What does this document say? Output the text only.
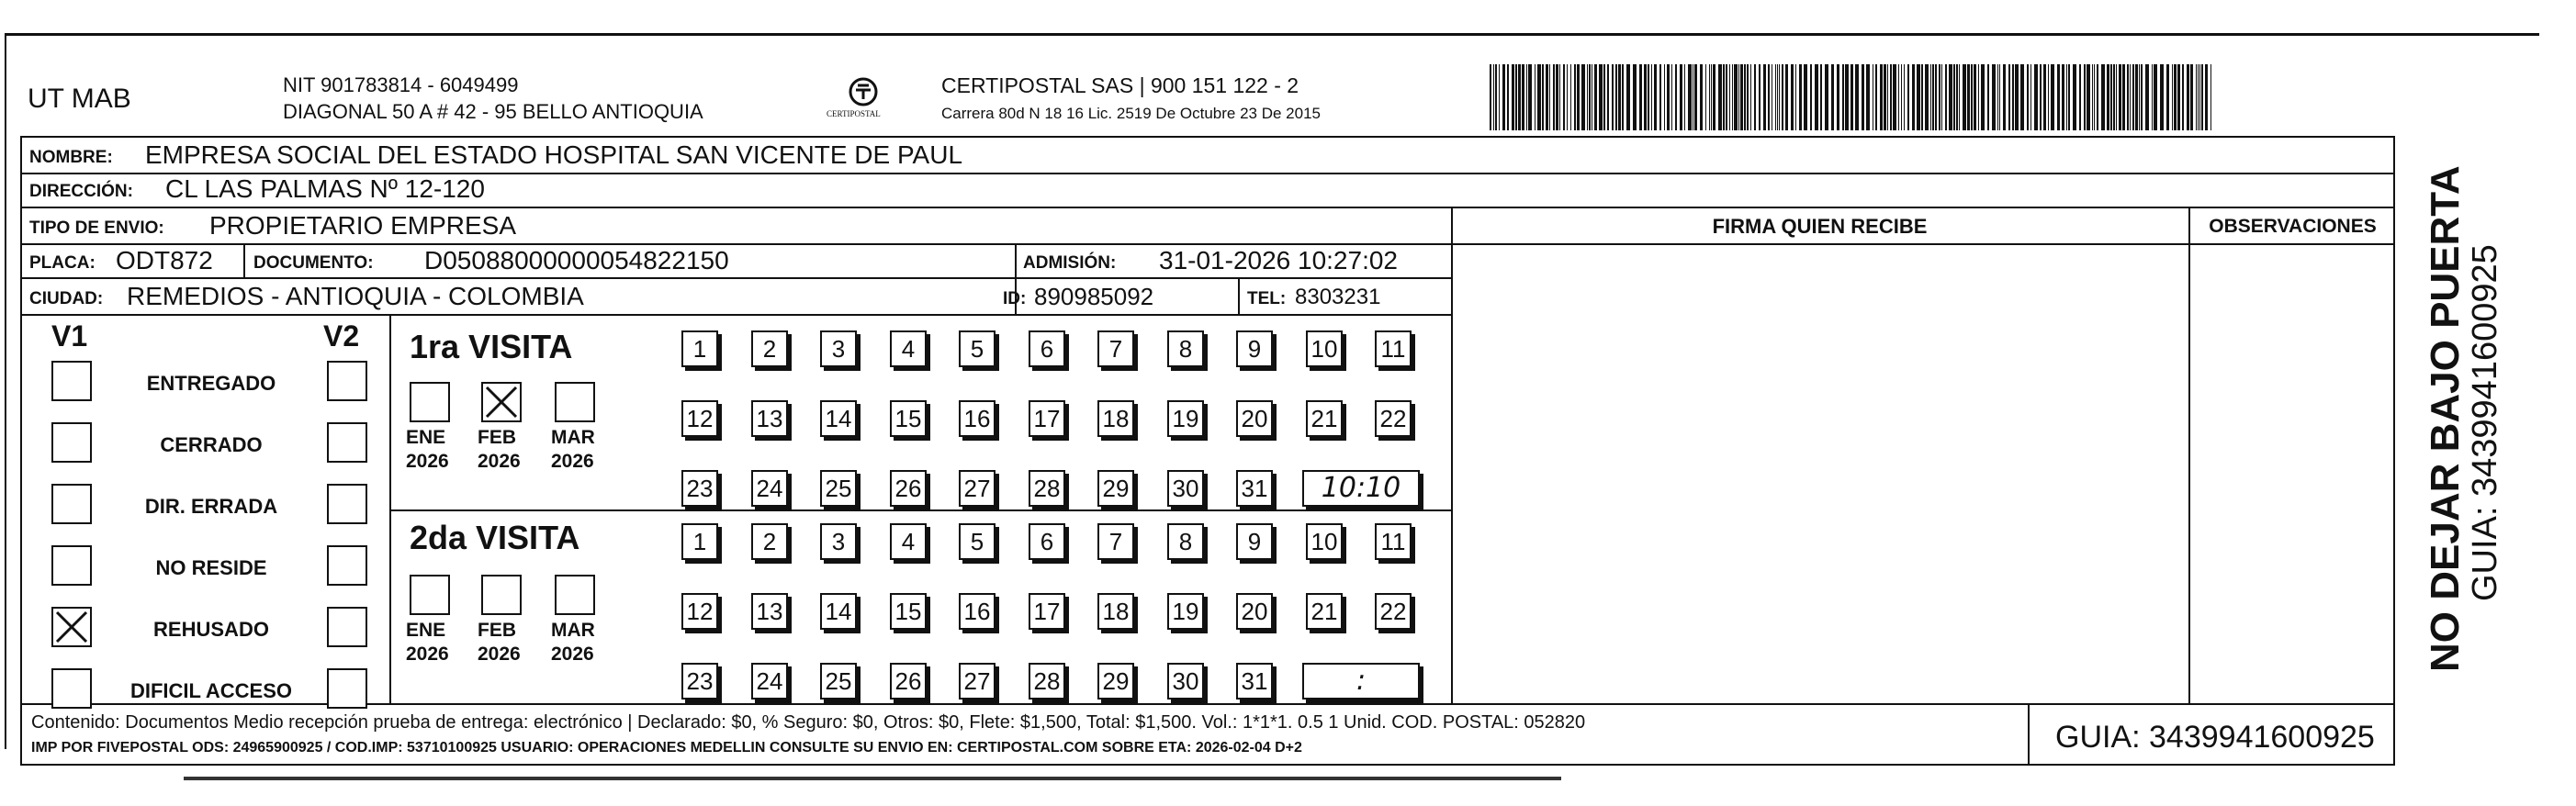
UT MAB	NIT 901783814 - 6049499
DIAGONAL 50 A # 42 - 95 BELLO ANTIOQUIA	CERTIPOSTAL
CERTIPOSTAL SAS | 900 151 122 - 2
Carrera 80d N 18 16 Lic. 2519 De Octubre 23 De 2015
NOMBRE: EMPRESA SOCIAL DEL ESTADO HOSPITAL SAN VICENTE DE PAUL
DIRECCIÓN: CL LAS PALMAS Nº 12-120
TIPO DE ENVIO: PROPIETARIO EMPRESA
PLACA: ODT872 DOCUMENTO: D05088000000054822150	ADMISIÓN: 31-01-2026 10:27:02
CIUDAD: REMEDIOS - ANTIOQUIA - COLOMBIA	ID: 890985092	TEL: 8303231
FIRMA QUIEN RECIBE	OBSERVACIONES
V1	V2
ENTREGADO
CERRADO
DIR. ERRADA
NO RESIDE
REHUSADO
DIFICIL ACCESO
1ra VISITA
ENE
2026
FEB
2026
MAR
2026
1	2	3	4	5	6	7	8	9	10 11
12 13 14 15 16 17 18 19 20 21 22
23 24 25 26 27 28 29 30 31	10:10
2da VISITA
ENE
2026
FEB
2026
MAR
2026
1	2	3	4	5	6	7	8	9	10 11
12 13 14 15 16 17 18 19 20 21 22
23 24 25 26 27 28 29 30 31	:
Contenido: Documentos Medio recepción prueba de entrega: electrónico | Declarado: $0, % Seguro: $0, Otros: $0, Flete: $1,500, Total: $1,500. Vol.: 1*1*1. 0.5 1 Unid. COD. POSTAL: 052820
IMP POR FIVEPOSTAL ODS: 24965900925 / COD.IMP: 53710100925 USUARIO: OPERACIONES MEDELLIN CONSULTE SU ENVIO EN: CERTIPOSTAL.COM SOBRE ETA: 2026-02-04 D+2	GUIA: 3439941600925
NO DEJAR BAJO PUERTA
GUIA: 3439941600925
